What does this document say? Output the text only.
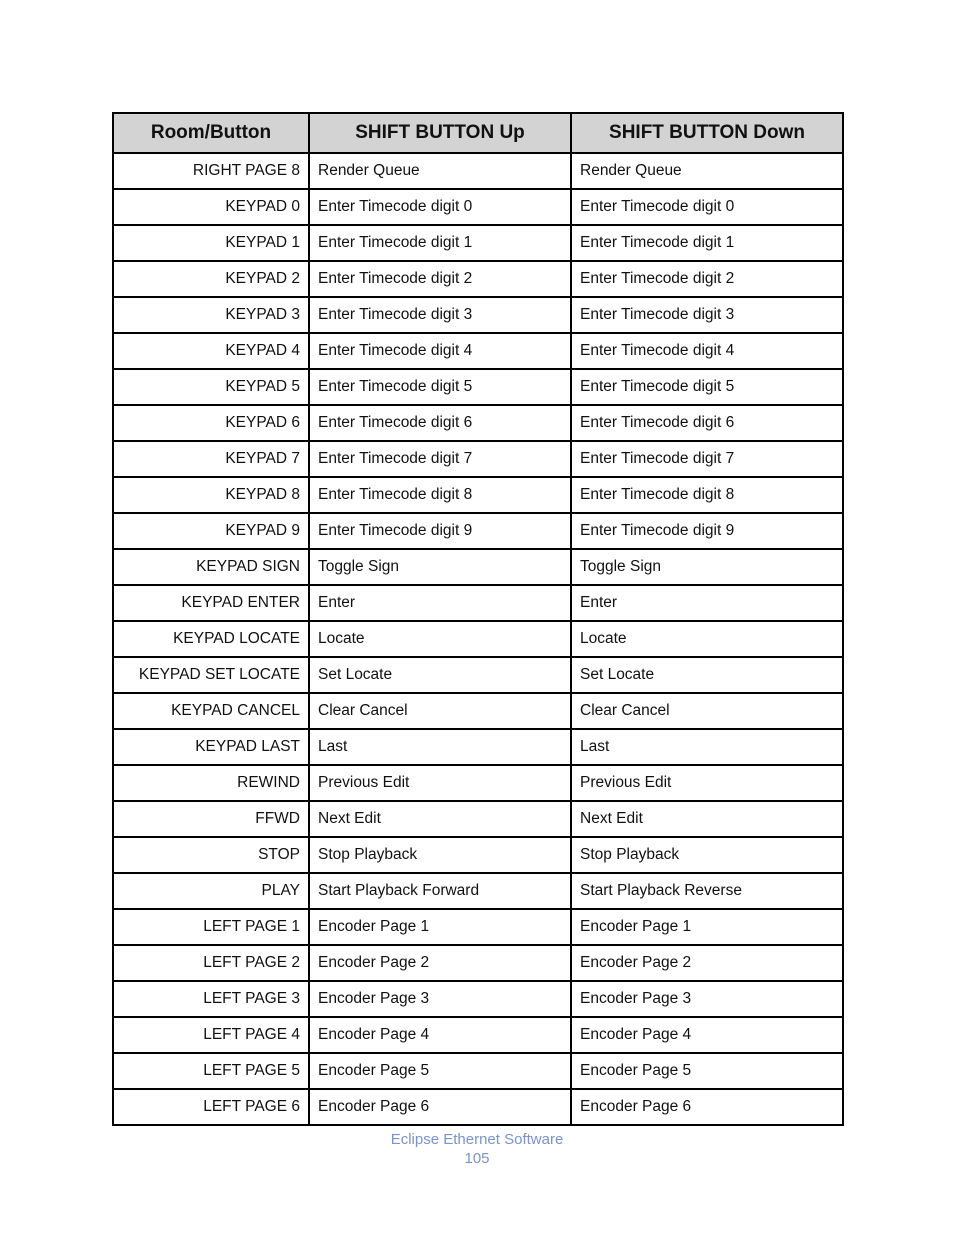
Room/Button	SHIFT BUTTON Up	SHIFT BUTTON Down
RIGHT PAGE 8	Render Queue	Render Queue
KEYPAD 0	Enter Timecode digit 0	Enter Timecode digit 0
KEYPAD 1	Enter Timecode digit 1	Enter Timecode digit 1
KEYPAD 2	Enter Timecode digit 2	Enter Timecode digit 2
KEYPAD 3	Enter Timecode digit 3	Enter Timecode digit 3
KEYPAD 4	Enter Timecode digit 4	Enter Timecode digit 4
KEYPAD 5	Enter Timecode digit 5	Enter Timecode digit 5
KEYPAD 6	Enter Timecode digit 6	Enter Timecode digit 6
KEYPAD 7	Enter Timecode digit 7	Enter Timecode digit 7
KEYPAD 8	Enter Timecode digit 8	Enter Timecode digit 8
KEYPAD 9	Enter Timecode digit 9	Enter Timecode digit 9
KEYPAD SIGN	Toggle Sign	Toggle Sign
KEYPAD ENTER	Enter	Enter
KEYPAD LOCATE	Locate	Locate
KEYPAD SET LOCATE	Set Locate	Set Locate
KEYPAD CANCEL	Clear Cancel	Clear Cancel
KEYPAD LAST	Last	Last
REWIND	Previous Edit	Previous Edit
FFWD	Next Edit	Next Edit
STOP	Stop Playback	Stop Playback
PLAY	Start Playback Forward	Start Playback Reverse
LEFT PAGE 1	Encoder Page 1	Encoder Page 1
LEFT PAGE 2	Encoder Page 2	Encoder Page 2
LEFT PAGE 3	Encoder Page 3	Encoder Page 3
LEFT PAGE 4	Encoder Page 4	Encoder Page 4
LEFT PAGE 5	Encoder Page 5	Encoder Page 5
LEFT PAGE 6	Encoder Page 6	Encoder Page 6
Eclipse Ethernet Software
105
